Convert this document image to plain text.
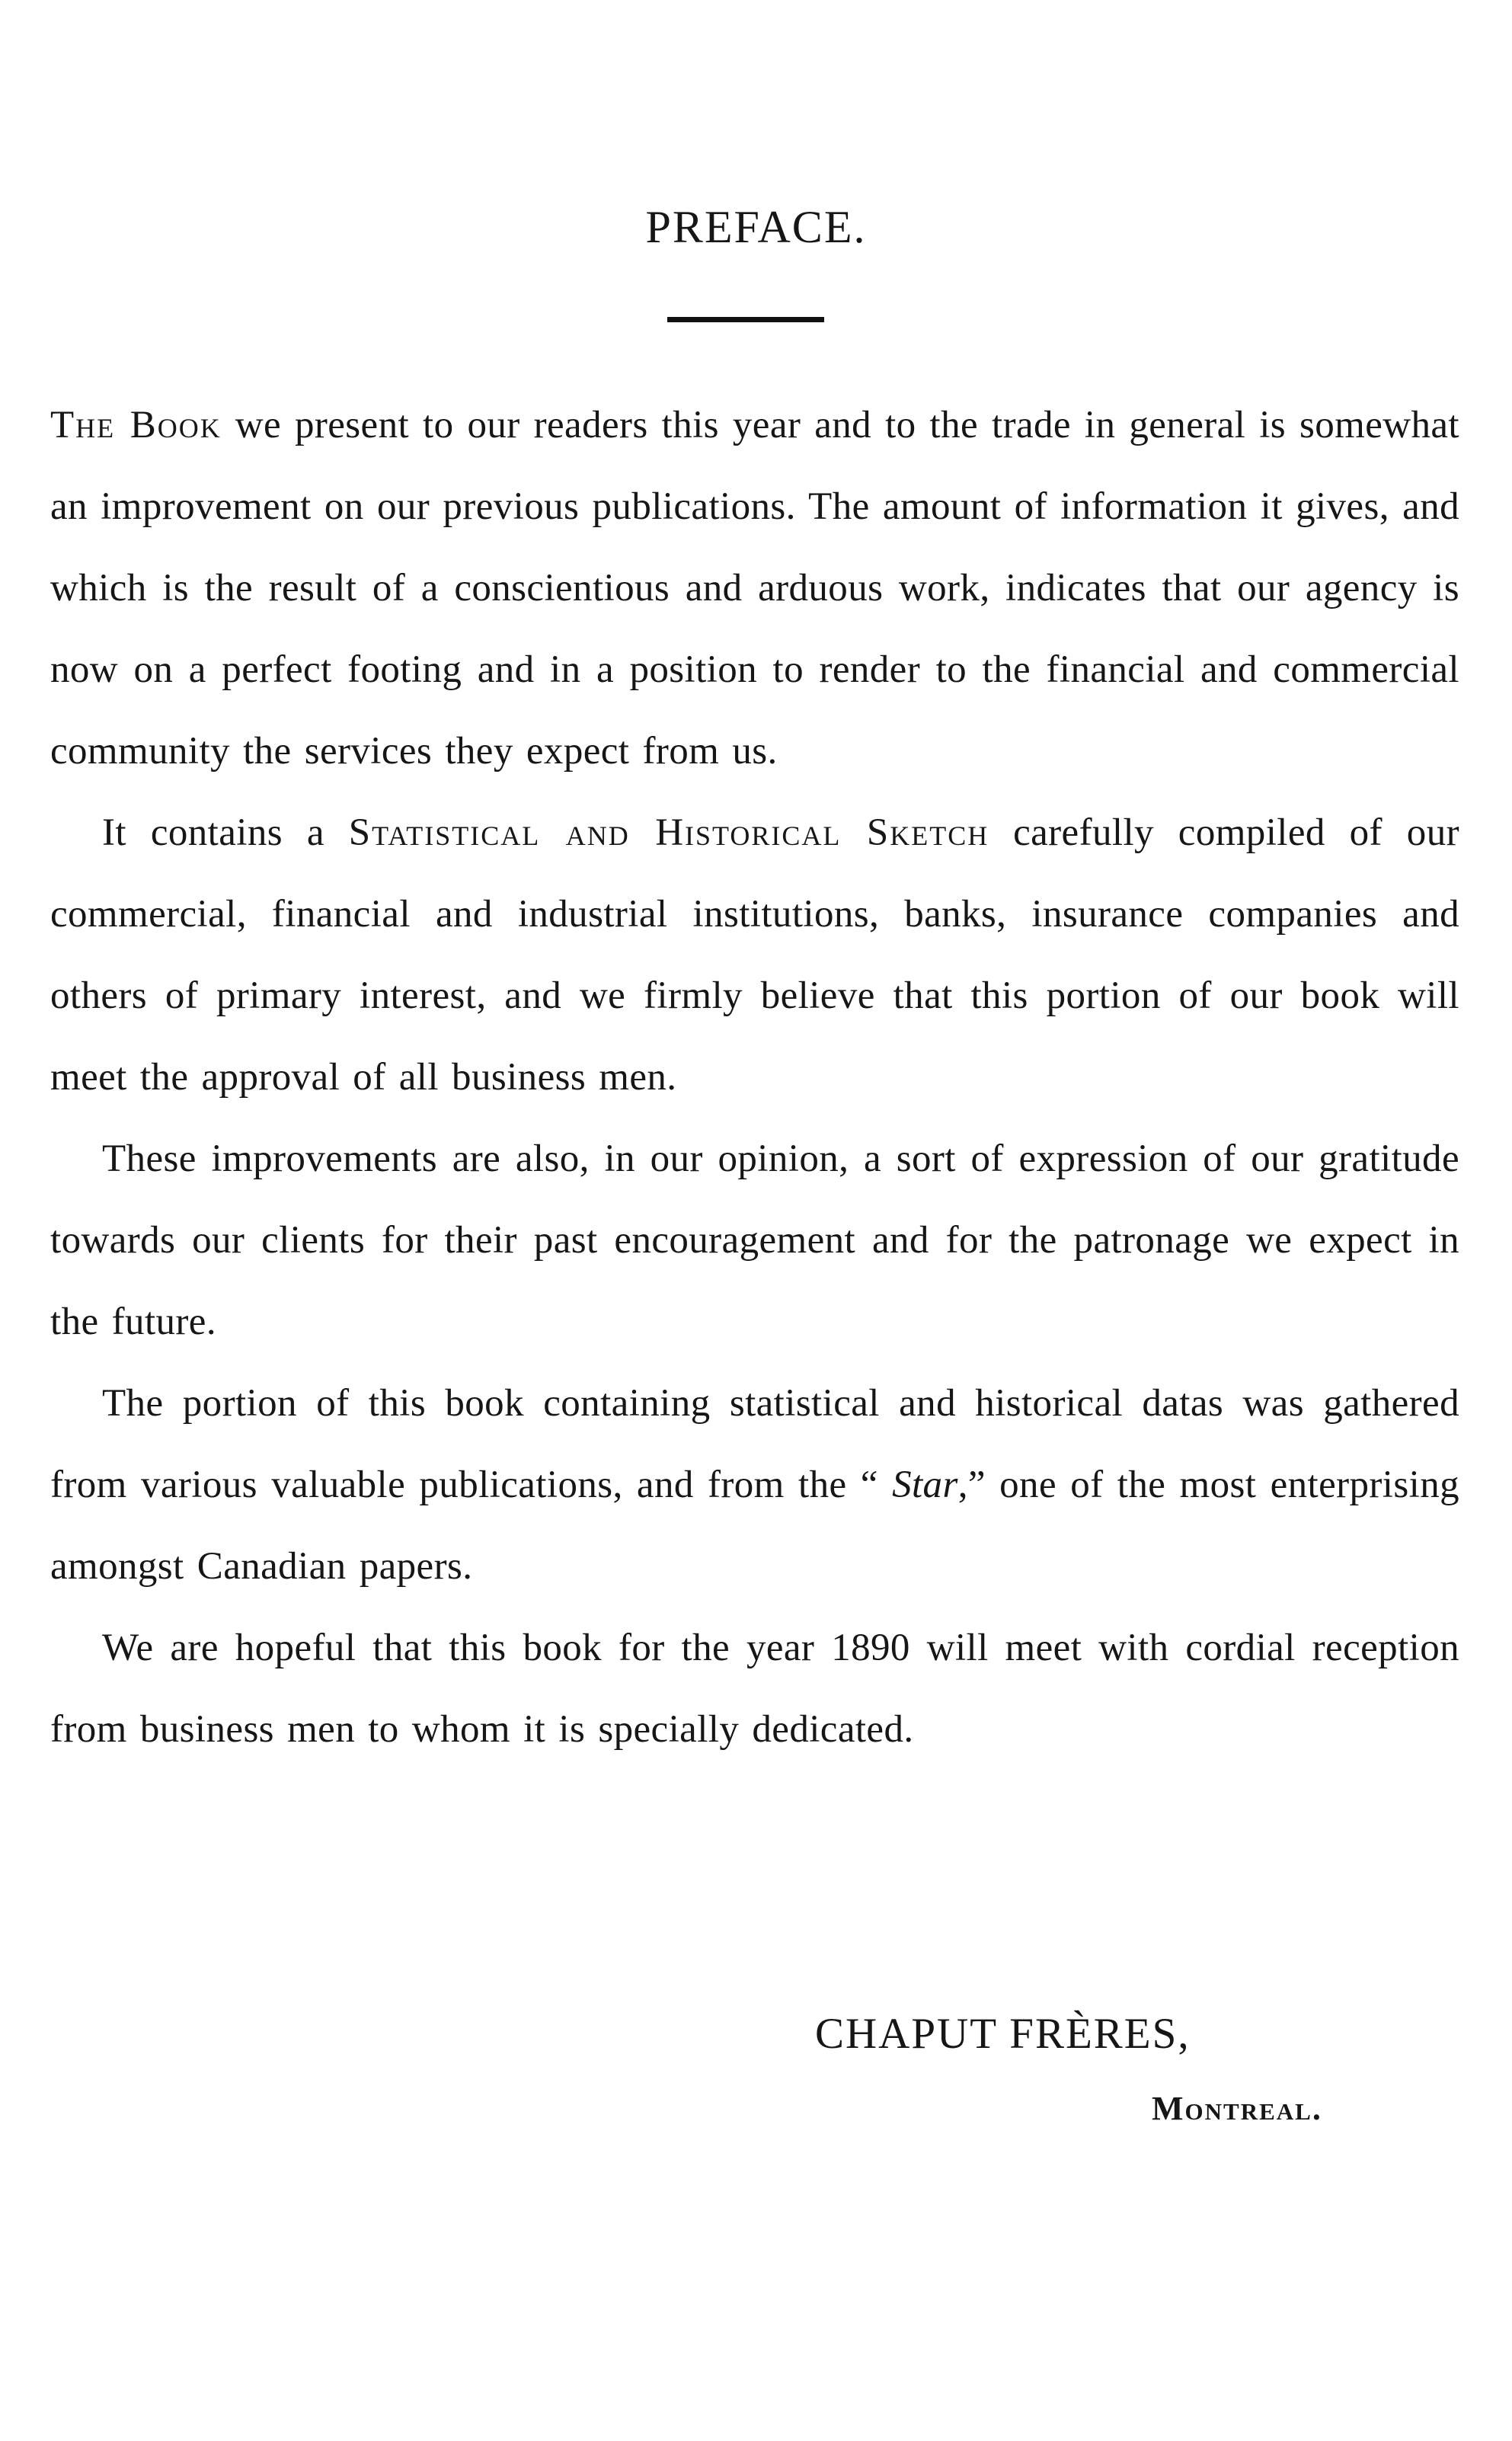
PREFACE.

The Book we present to our readers this year and to the trade in general is somewhat an improvement on our previous publications. The amount of information it gives, and which is the result of a conscientious and arduous work, indicates that our agency is now on a perfect footing and in a position to render to the financial and commercial community the services they expect from us.

It contains a Statistical and Historical Sketch carefully compiled of our commercial, financial and industrial institutions, banks, insurance companies and others of primary interest, and we firmly believe that this portion of our book will meet the approval of all business men.

These improvements are also, in our opinion, a sort of expression of our gratitude towards our clients for their past encouragement and for the patronage we expect in the future.

The portion of this book containing statistical and historical datas was gathered from various valuable publications, and from the “ Star,” one of the most enterprising amongst Canadian papers.

We are hopeful that this book for the year 1890 will meet with cordial reception from business men to whom it is specially dedicated.

CHAPUT FRÈRES,
Montreal.
